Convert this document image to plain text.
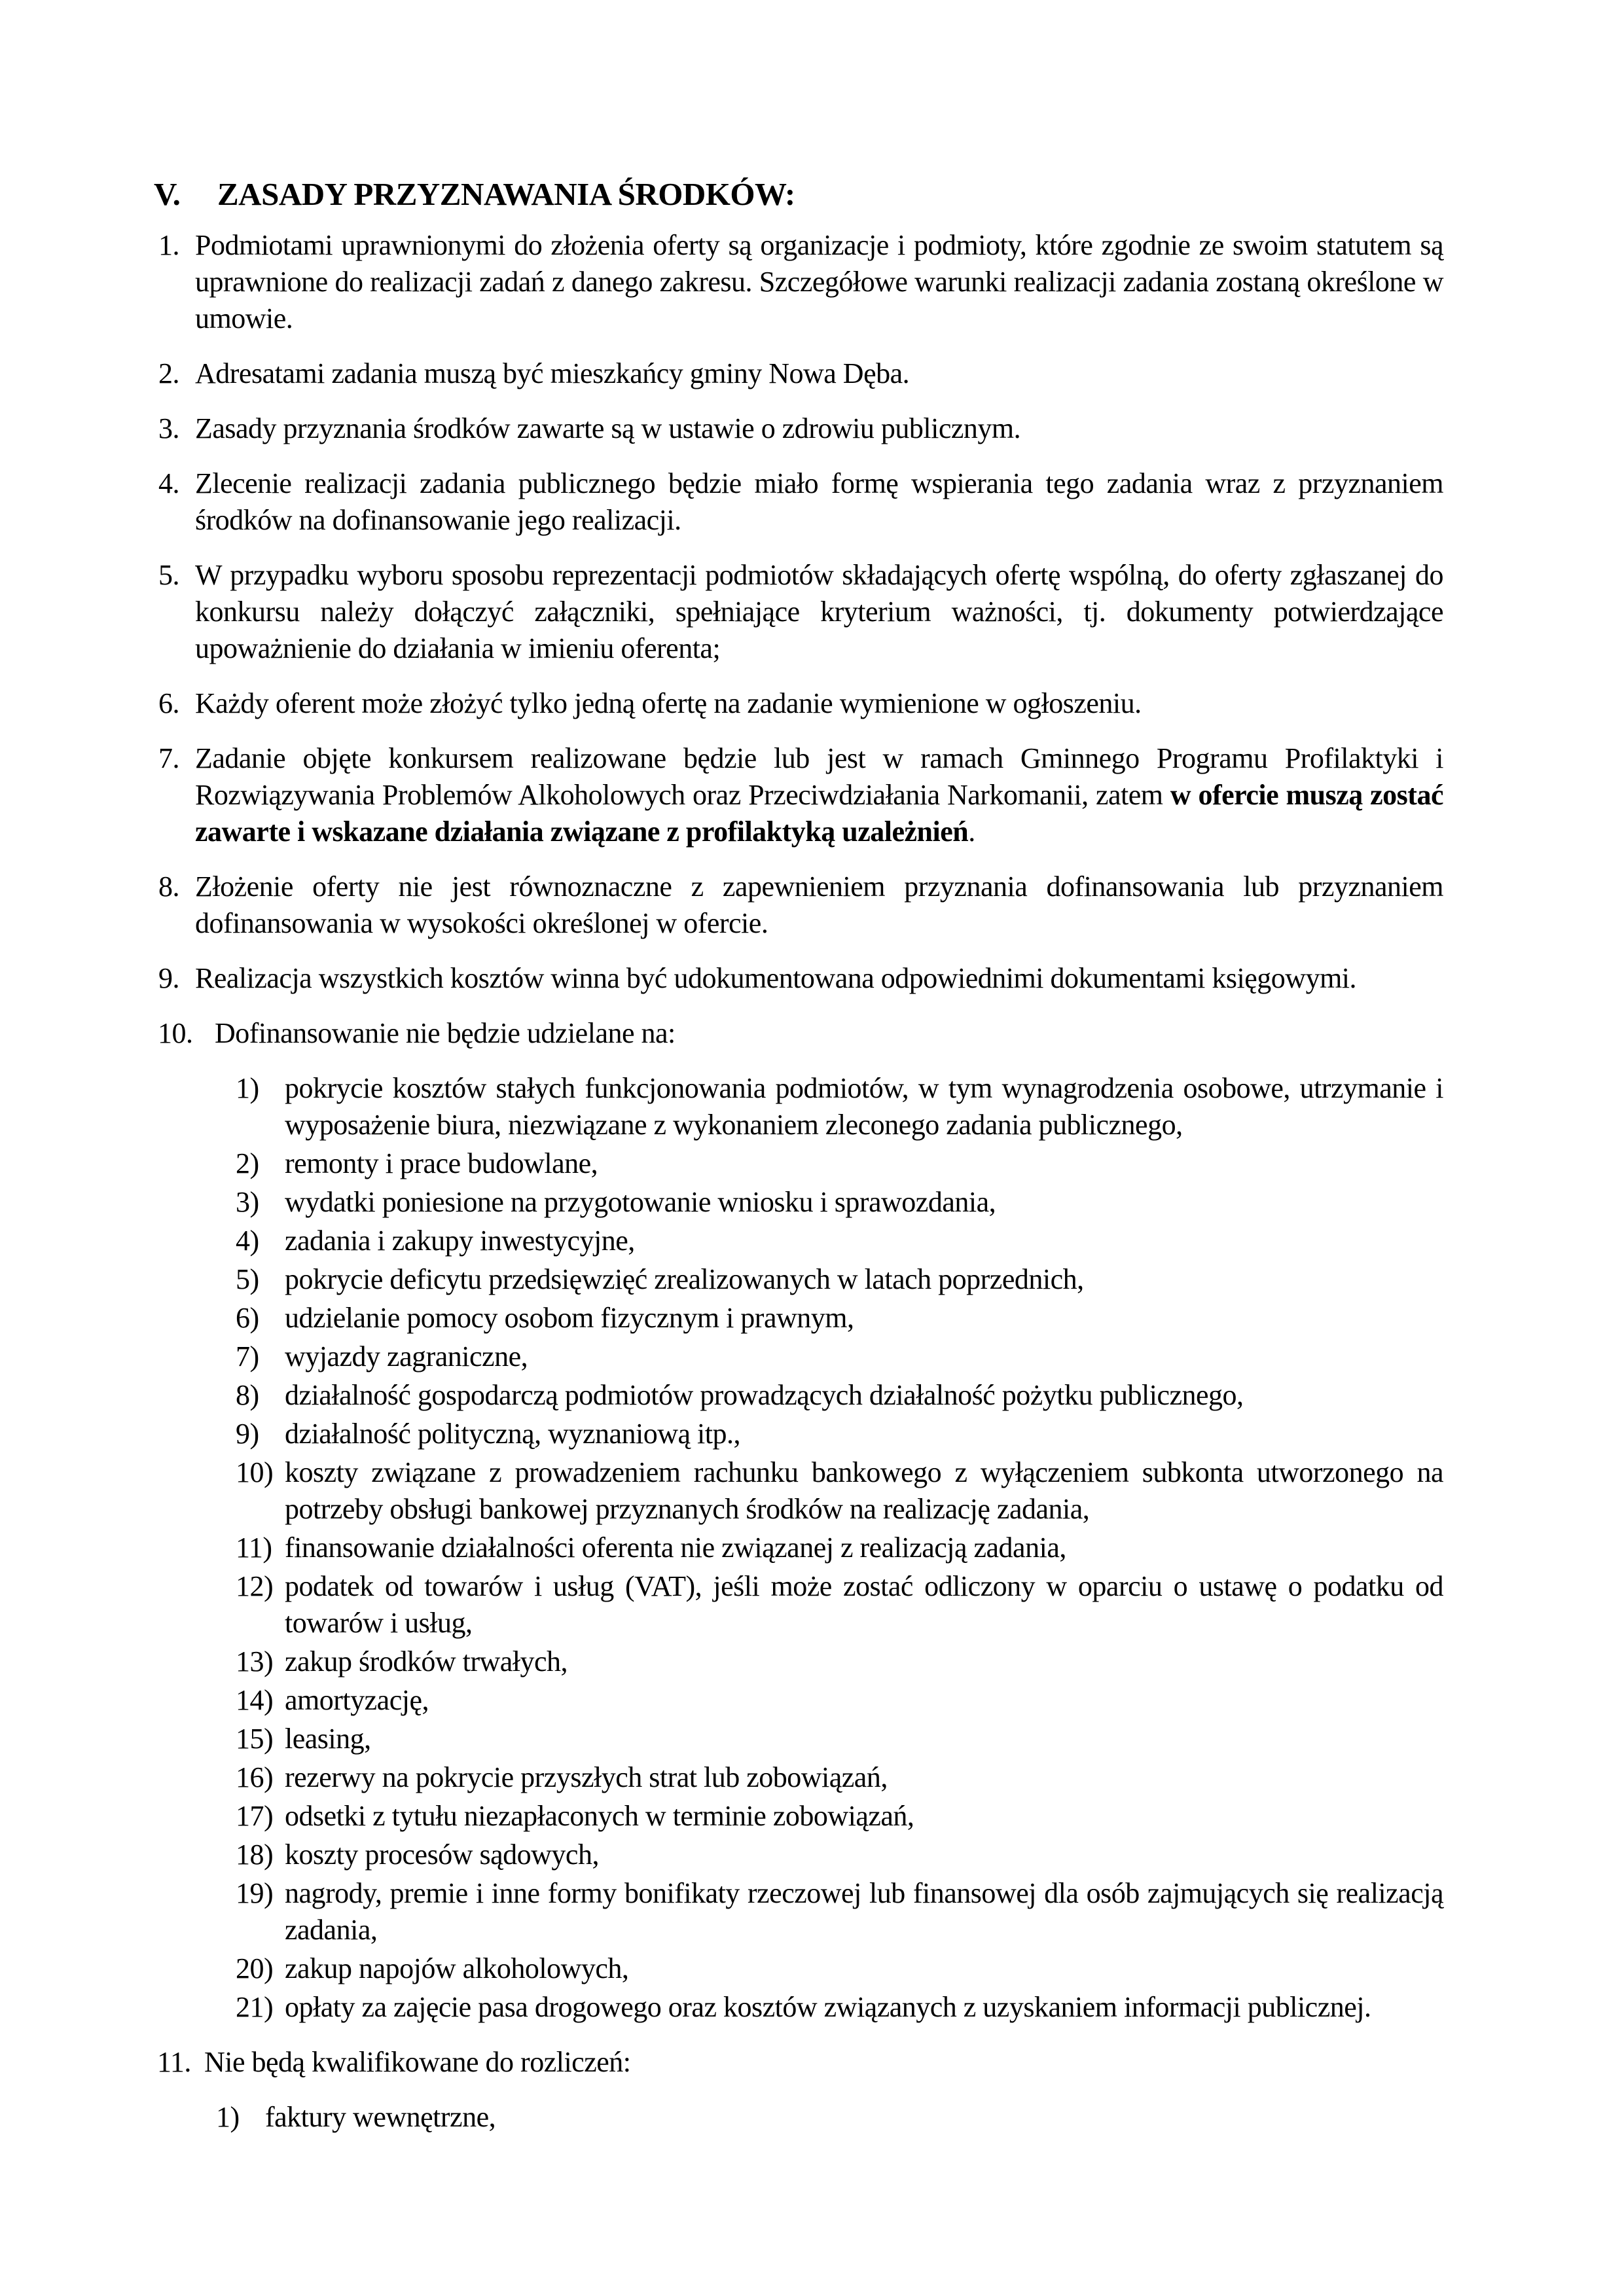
V. ZASADY PRZYZNAWANIA ŚRODKÓW:
1. Podmiotami uprawnionymi do złożenia oferty są organizacje i podmioty, które zgodnie ze swoim statutem są uprawnione do realizacji zadań z danego zakresu. Szczegółowe warunki realizacji zadania zostaną określone w umowie.
2. Adresatami zadania muszą być mieszkańcy gminy Nowa Dęba.
3. Zasady przyznania środków zawarte są w ustawie o zdrowiu publicznym.
4. Zlecenie realizacji zadania publicznego będzie miało formę wspierania tego zadania wraz z przyznaniem środków na dofinansowanie jego realizacji.
5. W przypadku wyboru sposobu reprezentacji podmiotów składających ofertę wspólną, do oferty zgłaszanej do konkursu należy dołączyć załączniki, spełniające kryterium ważności, tj. dokumenty potwierdzające upoważnienie do działania w imieniu oferenta;
6. Każdy oferent może złożyć tylko jedną ofertę na zadanie wymienione w ogłoszeniu.
7. Zadanie objęte konkursem realizowane będzie lub jest w ramach Gminnego Programu Profilaktyki i Rozwiązywania Problemów Alkoholowych oraz Przeciwdziałania Narkomanii, zatem w ofercie muszą zostać zawarte i wskazane działania związane z profilaktyką uzależnień.
8. Złożenie oferty nie jest równoznaczne z zapewnieniem przyznania dofinansowania lub przyznaniem dofinansowania w wysokości określonej w ofercie.
9. Realizacja wszystkich kosztów winna być udokumentowana odpowiednimi dokumentami księgowymi.
10. Dofinansowanie nie będzie udzielane na:
1) pokrycie kosztów stałych funkcjonowania podmiotów, w tym wynagrodzenia osobowe, utrzymanie i wyposażenie biura, niezwiązane z wykonaniem zleconego zadania publicznego,
2) remonty i prace budowlane,
3) wydatki poniesione na przygotowanie wniosku i sprawozdania,
4) zadania i zakupy inwestycyjne,
5) pokrycie deficytu przedsięwzięć zrealizowanych w latach poprzednich,
6) udzielanie pomocy osobom fizycznym i prawnym,
7) wyjazdy zagraniczne,
8) działalność gospodarczą podmiotów prowadzących działalność pożytku publicznego,
9) działalność polityczną, wyznaniową itp.,
10) koszty związane z prowadzeniem rachunku bankowego z wyłączeniem subkonta utworzonego na potrzeby obsługi bankowej przyznanych środków na realizację zadania,
11) finansowanie działalności oferenta nie związanej z realizacją zadania,
12) podatek od towarów i usług (VAT), jeśli może zostać odliczony w oparciu o ustawę o podatku od towarów i usług,
13) zakup środków trwałych,
14) amortyzację,
15) leasing,
16) rezerwy na pokrycie przyszłych strat lub zobowiązań,
17) odsetki z tytułu niezapłaconych w terminie zobowiązań,
18) koszty procesów sądowych,
19) nagrody, premie i inne formy bonifikaty rzeczowej lub finansowej dla osób zajmujących się realizacją zadania,
20) zakup napojów alkoholowych,
21) opłaty za zajęcie pasa drogowego oraz kosztów związanych z uzyskaniem informacji publicznej.
11. Nie będą kwalifikowane do rozliczeń:
1) faktury wewnętrzne,
